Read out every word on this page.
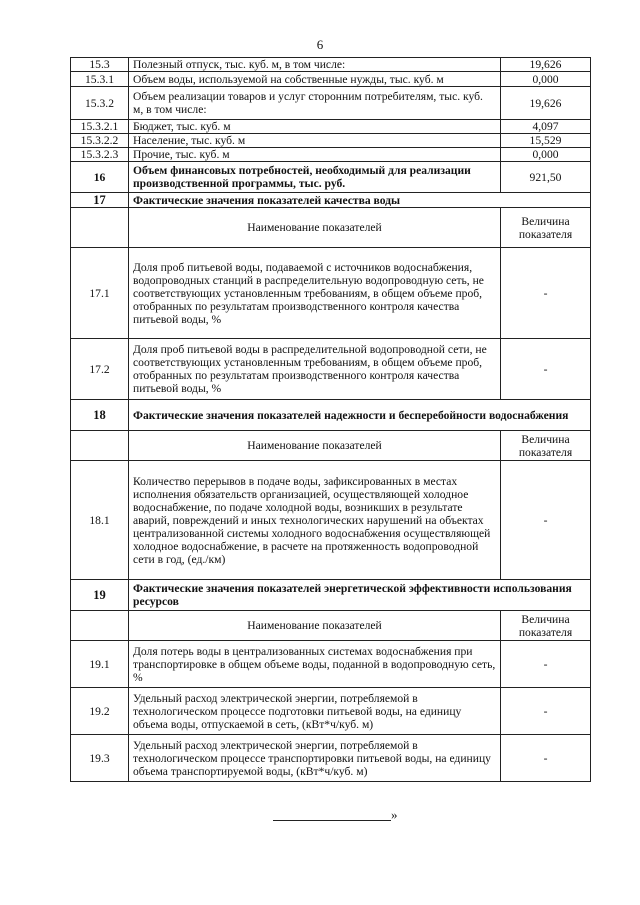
6
15.3	Полезный отпуск, тыс. куб. м, в том числе:	19,626
15.3.1	Объем воды, используемой на собственные нужды, тыс. куб. м	0,000
15.3.2	Объем реализации товаров и услуг сторонним потребителям, тыс. куб. м, в том числе:	19,626
15.3.2.1	Бюджет, тыс. куб. м	4,097
15.3.2.2	Население, тыс. куб. м	15,529
15.3.2.3	Прочие, тыс. куб. м	0,000
16	Объем финансовых потребностей, необходимый для реализации производственной программы, тыс. руб.	921,50
17	Фактические значения показателей качества воды	
	Наименование показателей	Величина показателя
17.1	Доля проб питьевой воды, подаваемой с источников водоснабжения, водопроводных станций в распределительную водопроводную сеть, не соответствующих установленным требованиям, в общем объеме проб, отобранных по результатам производственного контроля качества питьевой воды, %	-
17.2	Доля проб питьевой воды в распределительной водопроводной сети, не соответствующих установленным требованиям, в общем объеме проб, отобранных по результатам производственного контроля качества питьевой воды, %	-
18	Фактические значения показателей надежности и бесперебойности водоснабжения	
	Наименование показателей	Величина показателя
18.1	Количество перерывов в подаче воды, зафиксированных в местах исполнения обязательств организацией, осуществляющей холодное водоснабжение, по подаче холодной воды, возникших в результате аварий, повреждений и иных технологических нарушений на объектах централизованной системы холодного водоснабжения осуществляющей холодное водоснабжение, в расчете на протяженность водопроводной сети в год, (ед./км)	-
19	Фактические значения показателей энергетической эффективности использования ресурсов	
	Наименование показателей	Величина показателя
19.1	Доля потерь воды в централизованных системах водоснабжения при транспортировке в общем объеме воды, поданной в водопроводную сеть, %	-
19.2	Удельный расход электрической энергии, потребляемой в технологическом процессе подготовки питьевой воды, на единицу объема воды, отпускаемой в сеть, (кВт*ч/куб. м)	-
19.3	Удельный расход электрической энергии, потребляемой в технологическом процессе транспортировки питьевой воды, на единицу объема транспортируемой воды, (кВт*ч/куб. м)	-
»
